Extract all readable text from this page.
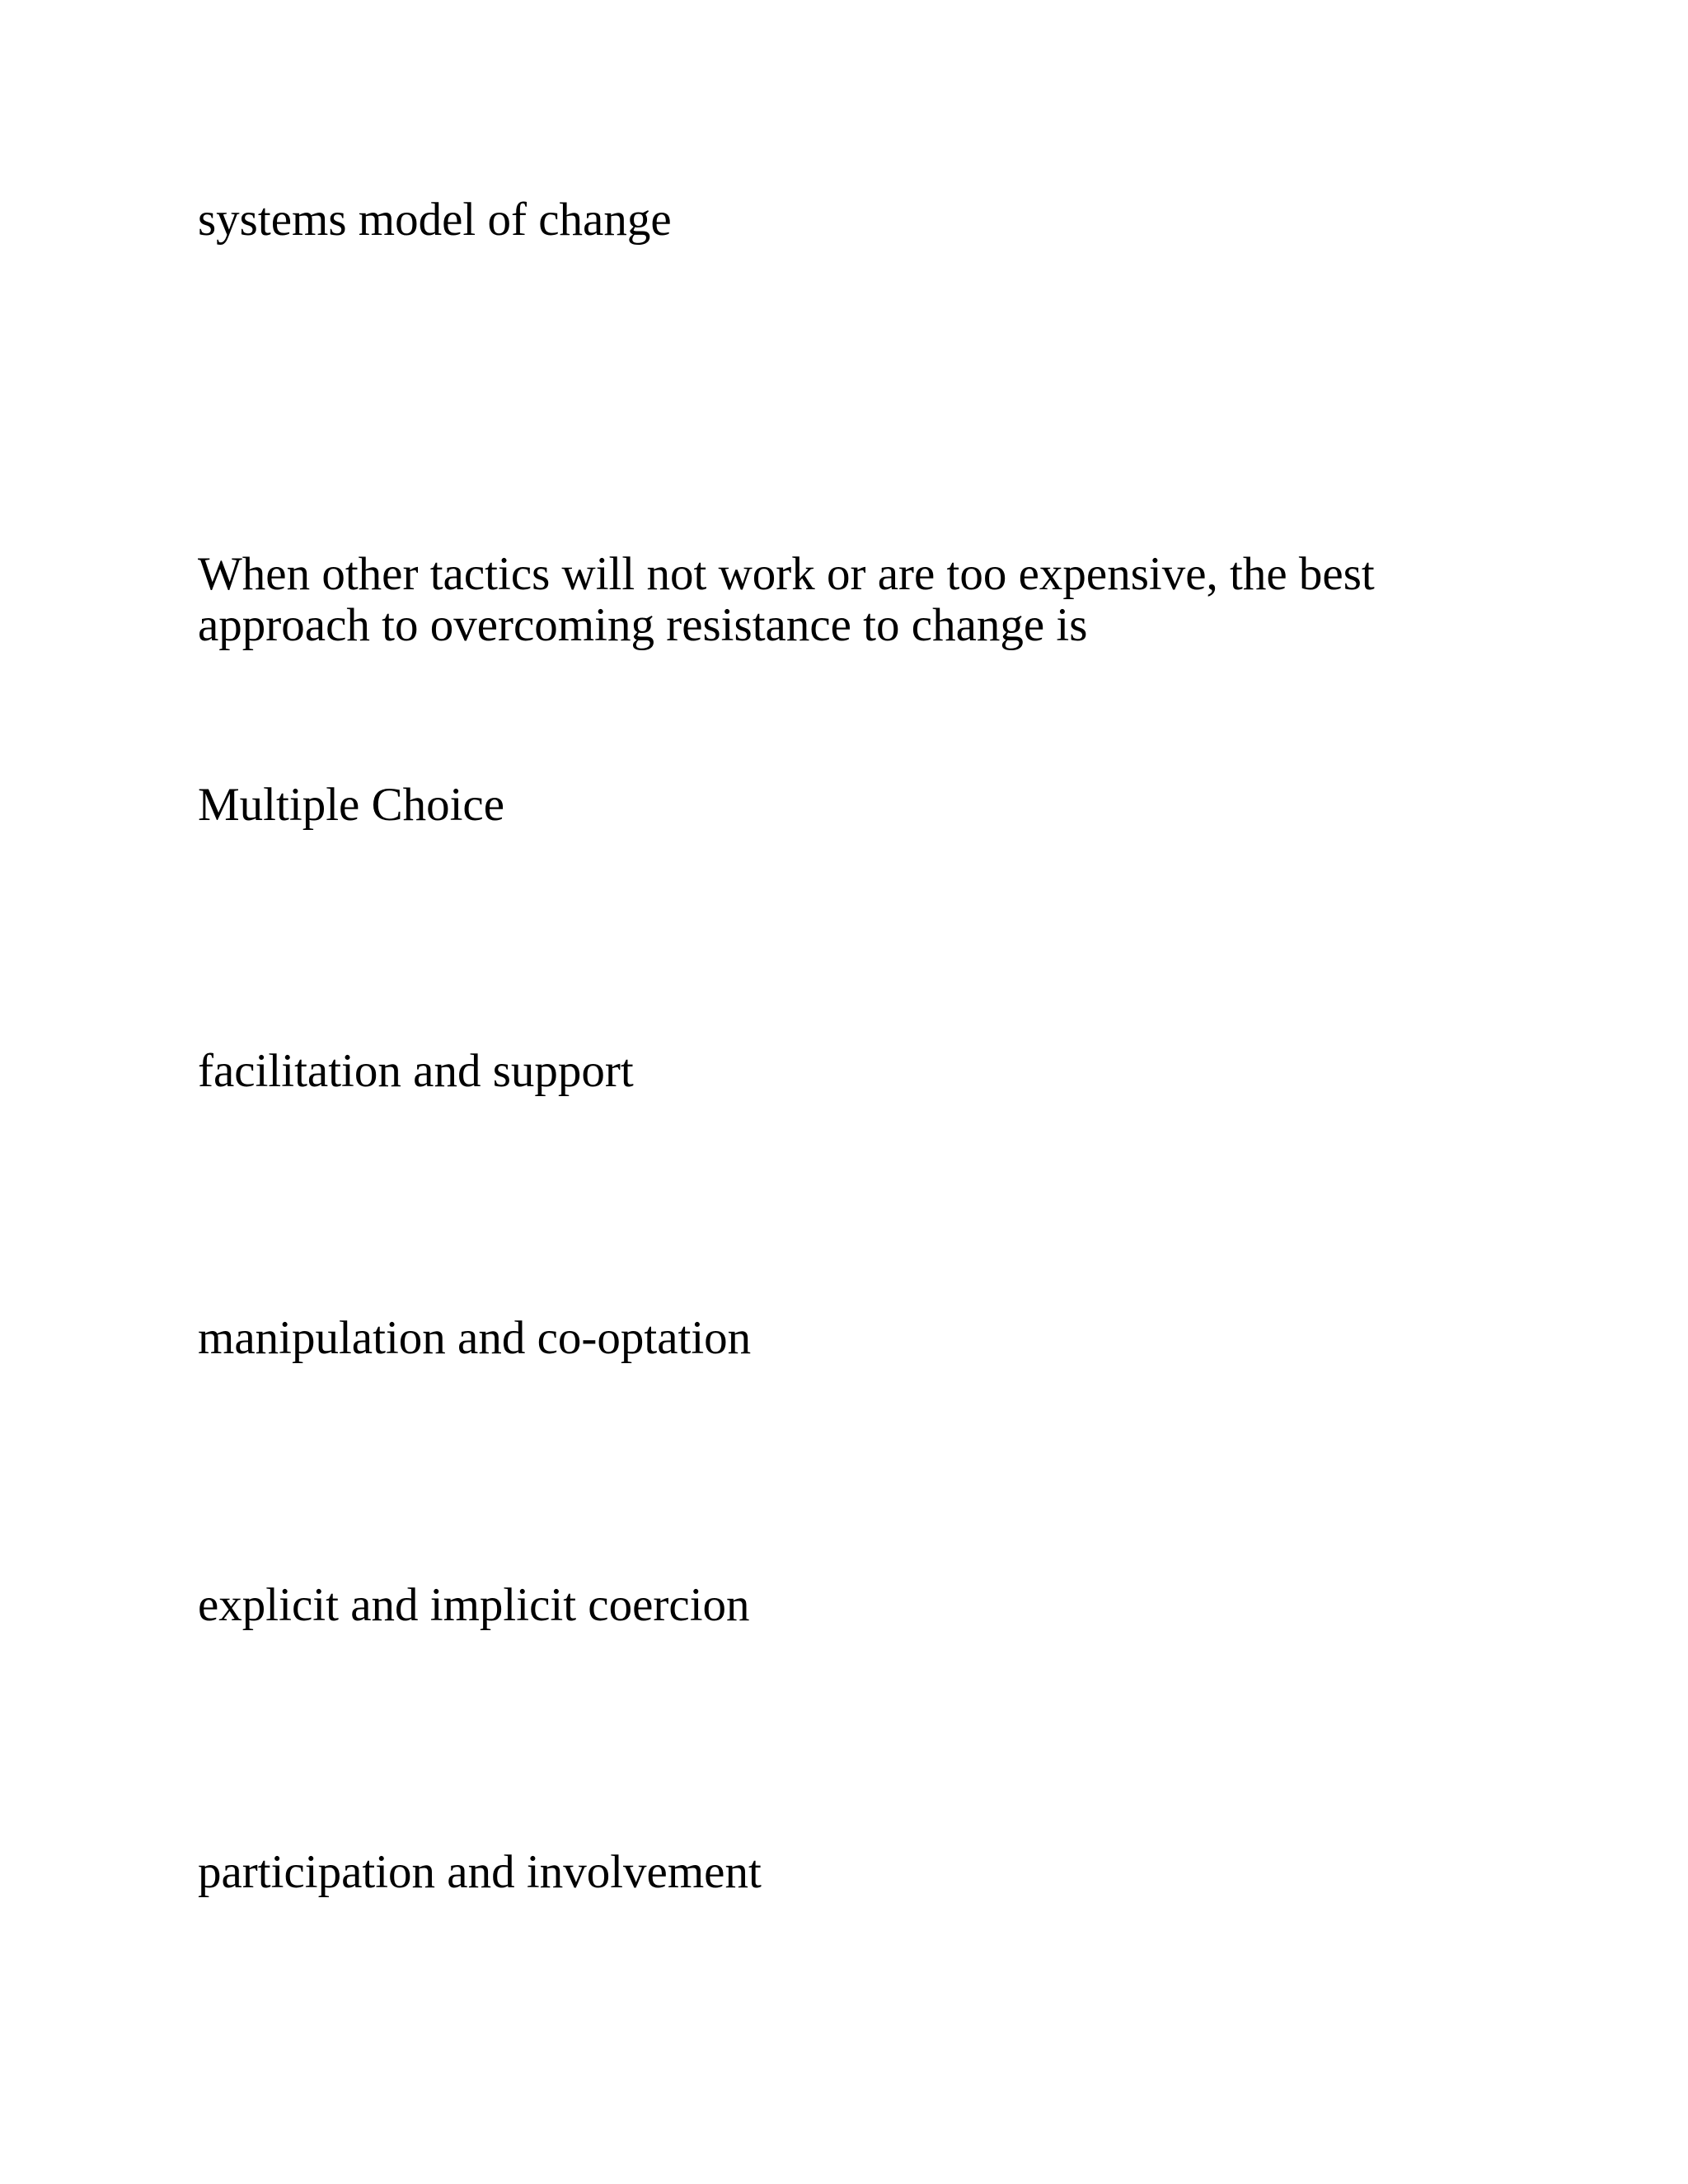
systems model of change

When other tactics will not work or are too expensive, the best approach to overcoming resistance to change is

Multiple Choice

facilitation and support

manipulation and co-optation

explicit and implicit coercion

participation and involvement
